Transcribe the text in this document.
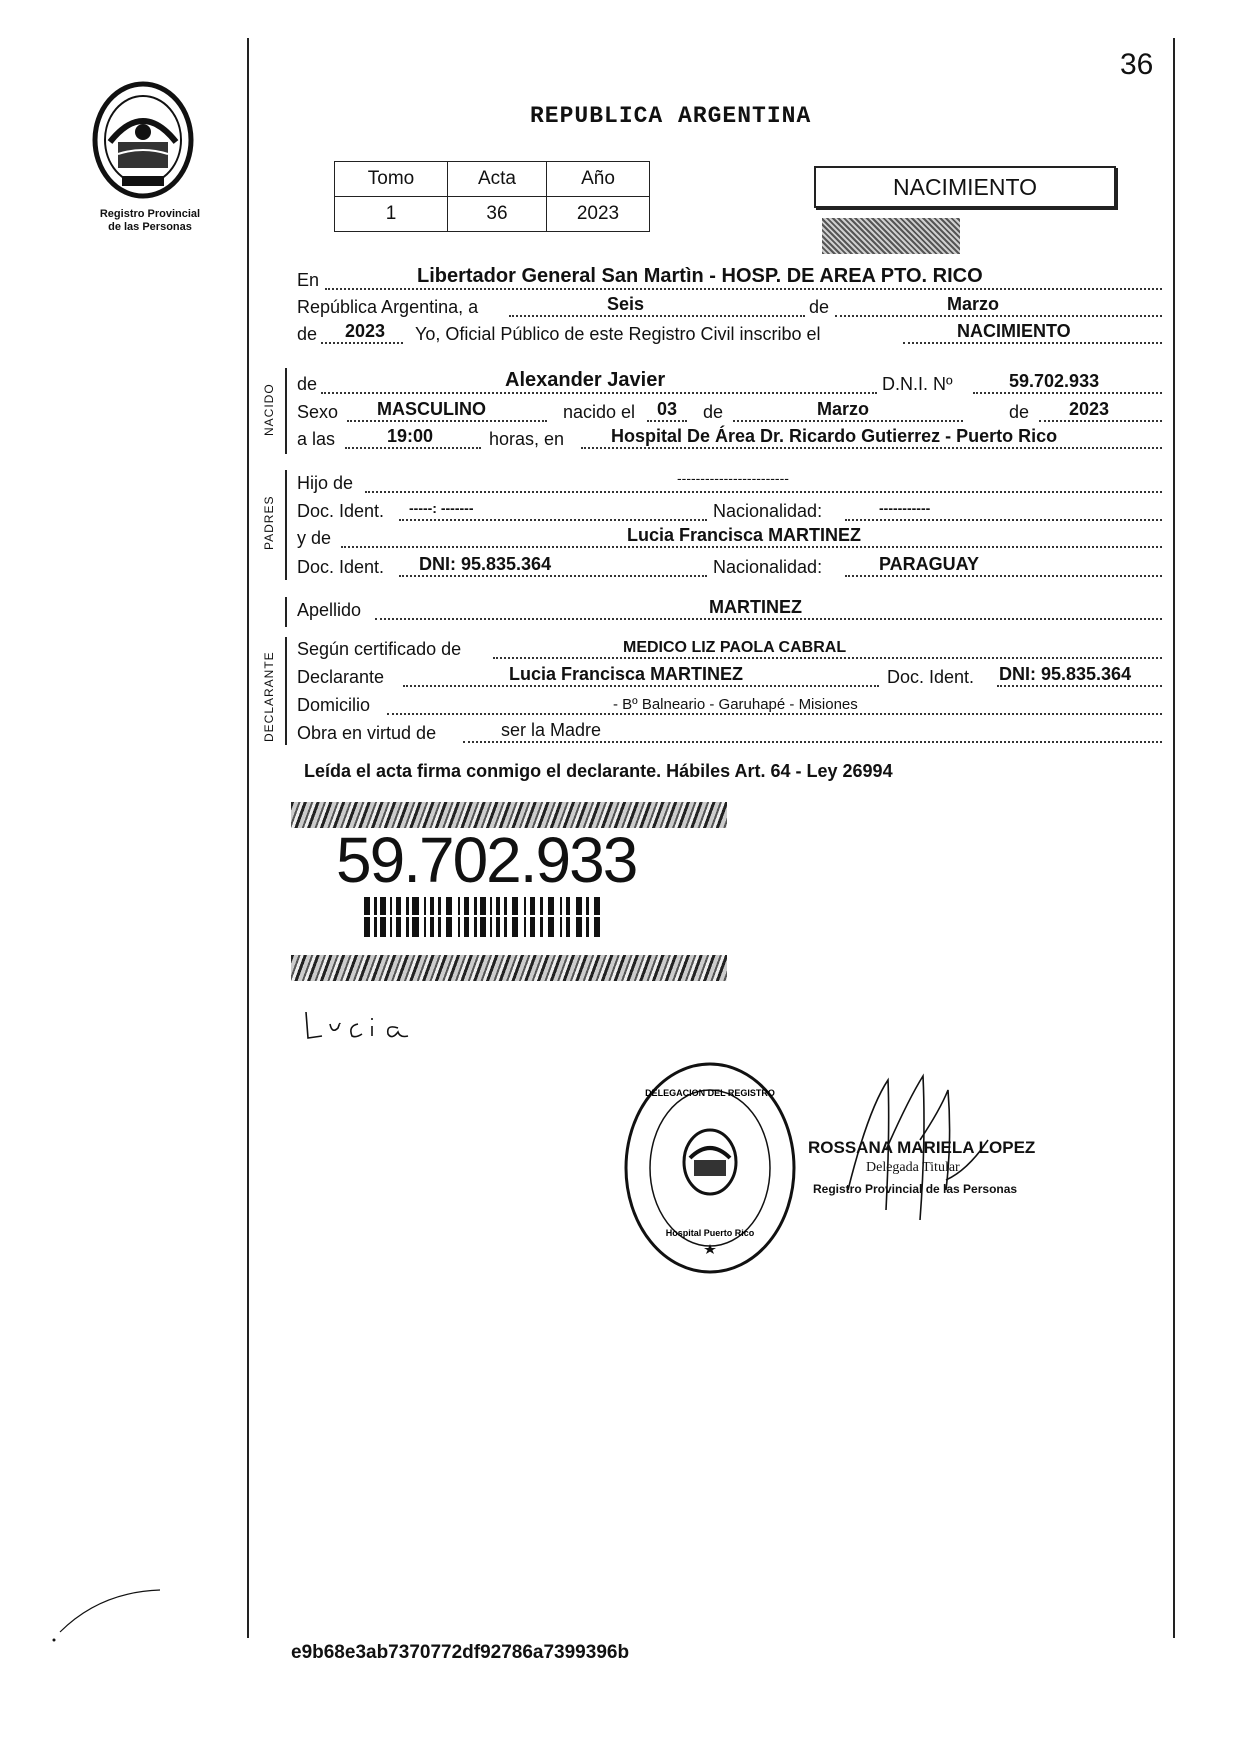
36
REPUBLICA ARGENTINA
Registro Provincial
de las Personas
Tomo	Acta	Año
1	36	2023
NACIMIENTO
En	Libertador General San Martìn - HOSP. DE AREA PTO. RICO
República Argentina, a	Seis	de	Marzo
de 2023 Yo, Oficial Público de este Registro Civil inscribo el	NACIMIENTO
NACIDO de	Alexander Javier	D.N.I. Nº	59.702.933
Sexo MASCULINO	nacido el 03 de	Marzo	de 2023
a las	19:00	horas, en	Hospital De Área Dr. Ricardo Gutierrez - Puerto Rico
PADRES
Hijo de	------------------------
Doc. Ident. -----: -------	Nacionalidad:	-----------
y de	Lucia Francisca MARTINEZ
Doc. Ident. DNI: 95.835.364	Nacionalidad:	PARAGUAY
Apellido	MARTINEZ
DECLARANTE
Según certificado de	MEDICO LIZ PAOLA CABRAL
Declarante	Lucia Francisca MARTINEZ	Doc. Ident. DNI: 95.835.364
Domicilio	- Bº Balneario - Garuhapé - Misiones
Obra en virtud de	ser la Madre
Leída el acta firma conmigo el declarante. Hábiles Art. 64 - Ley 26994
59.702.933
DELEGACION DEL REGISTRO
Hospital Puerto Rico
ROSSANA MARIELA LOPEZ
Delegada Titular
Registro Provincial de las Personas
e9b68e3ab7370772df92786a7399396b
